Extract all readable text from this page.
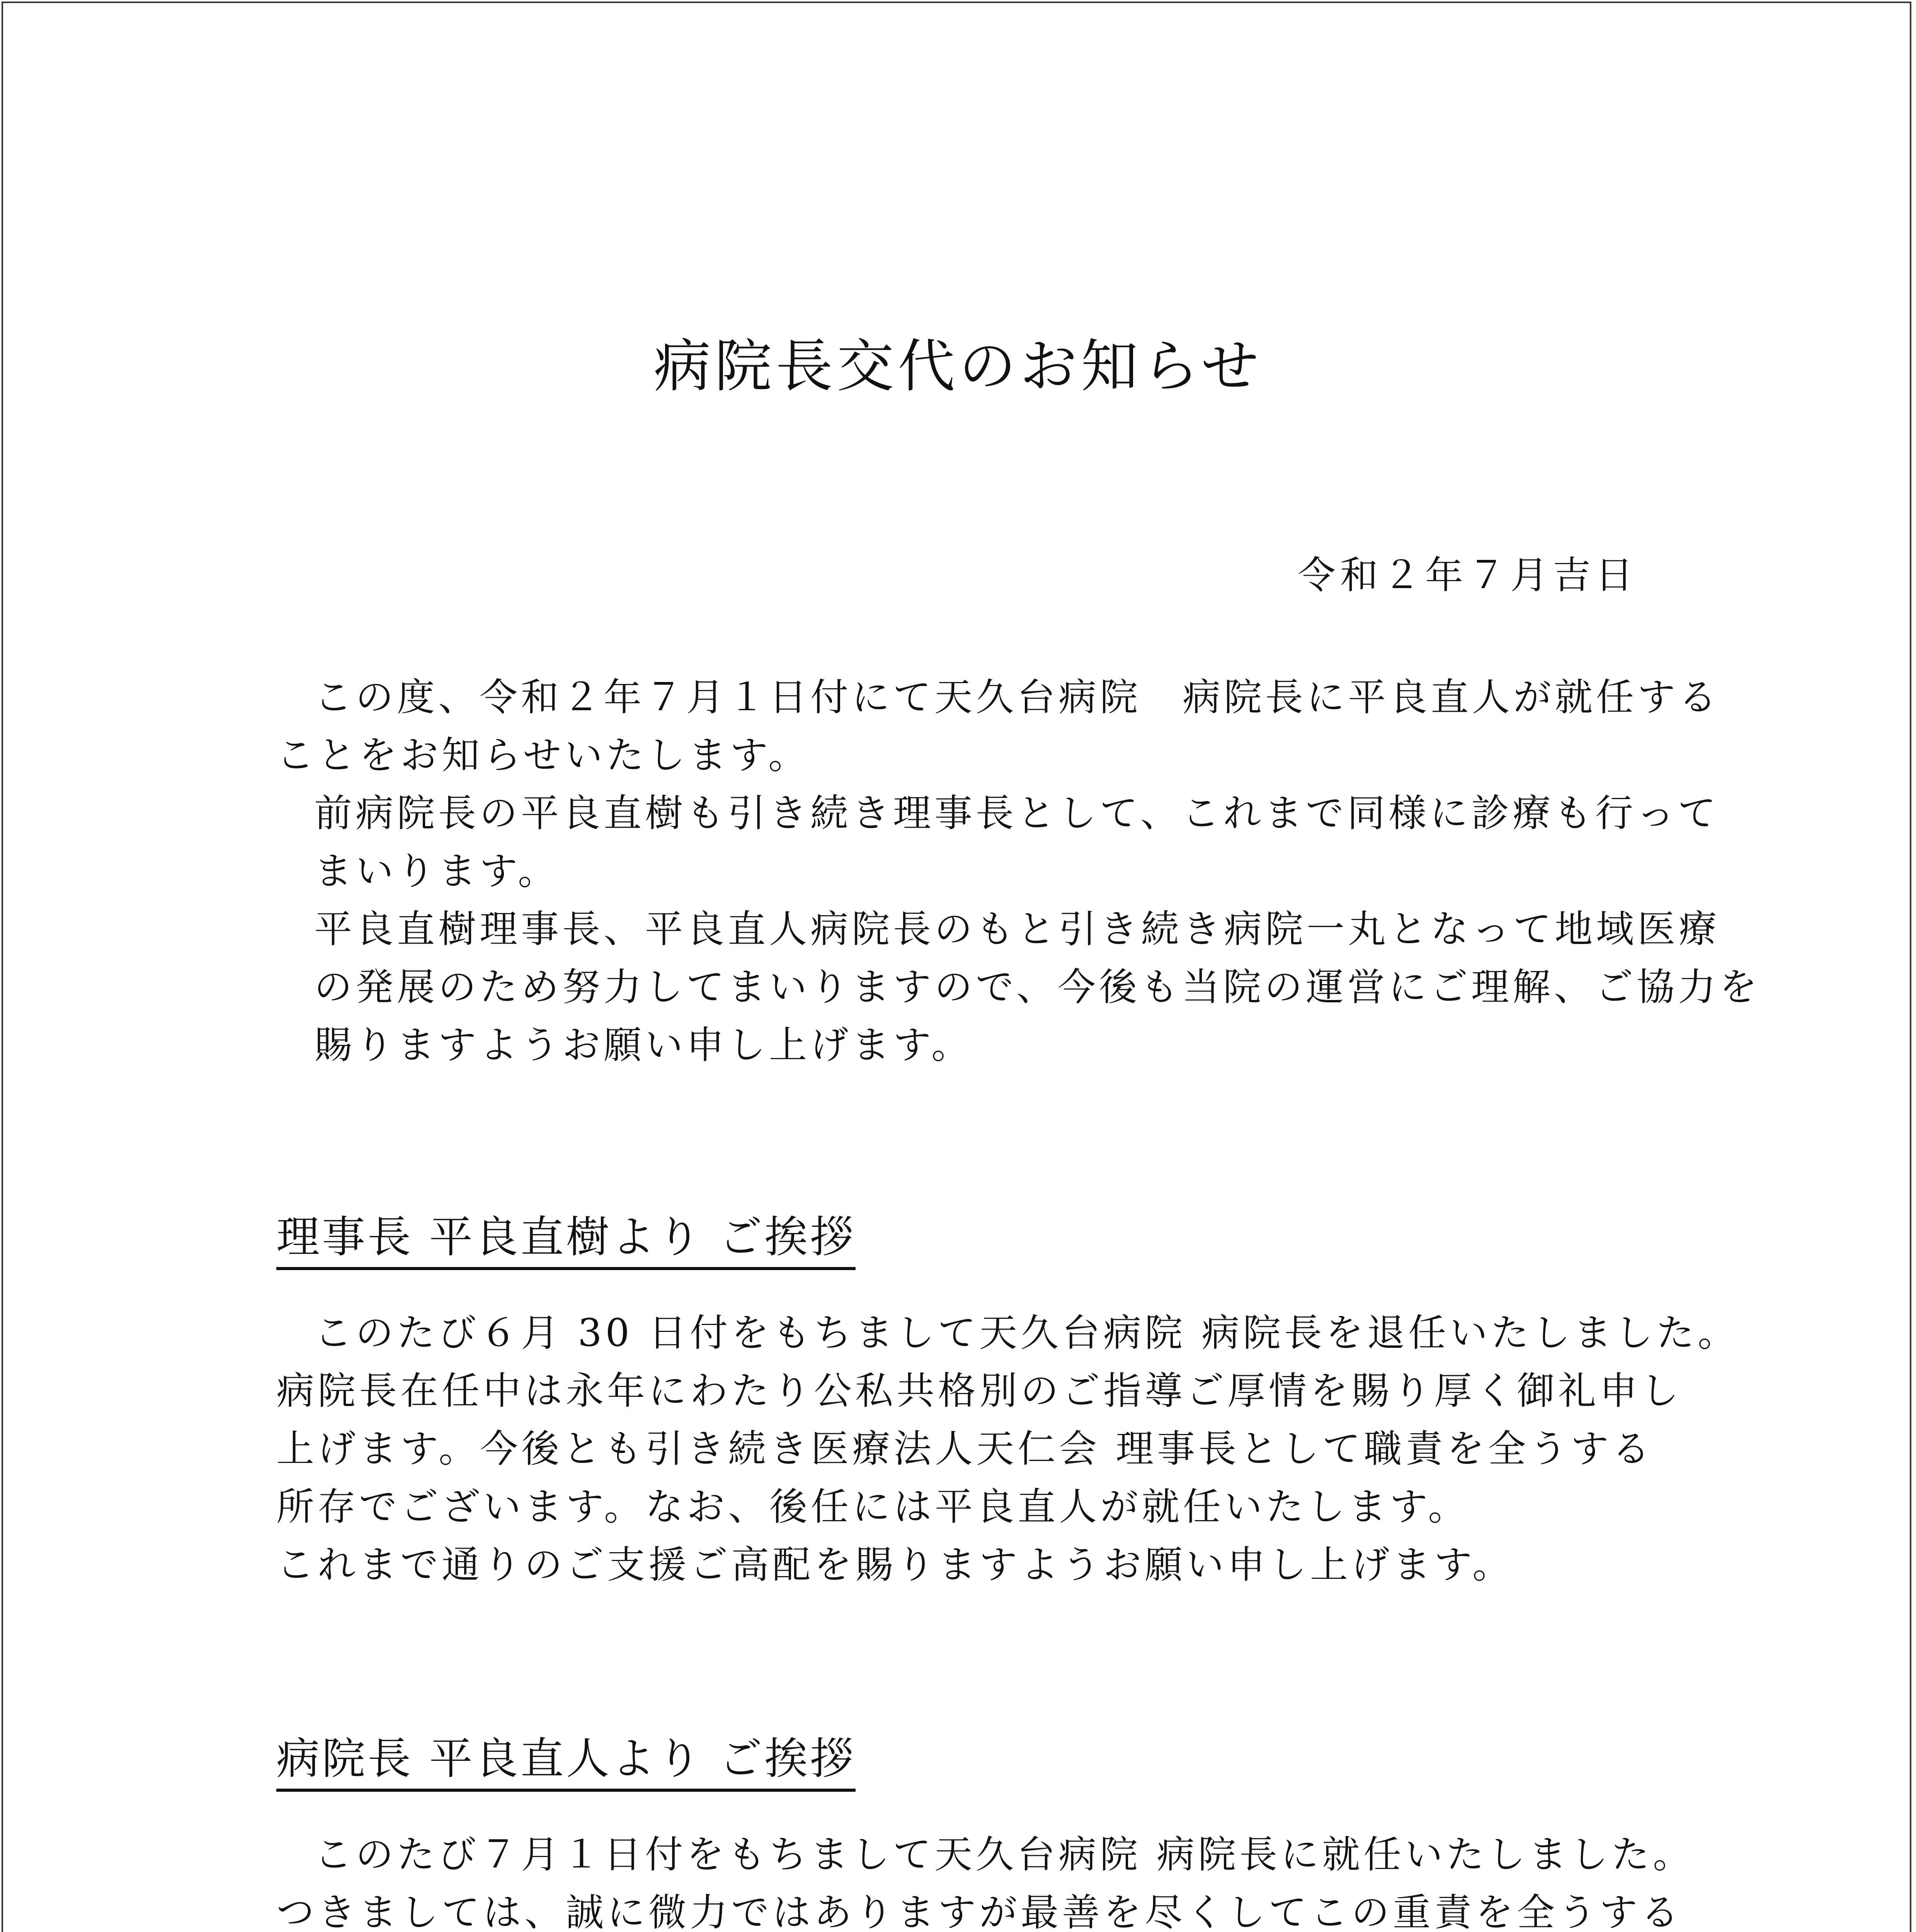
病院長交代のお知らせ
令和２年７月吉日

この度、令和２年７月１日付にて天久台病院　病院長に平良直人が就任する
ことをお知らせいたします。

前病院長の平良直樹も引き続き理事長として、これまで同様に診療も行って
まいります。

平良直樹理事長、平良直人病院長のもと引き続き病院一丸となって地域医療
の発展のため努力してまいりますので、今後も当院の運営にご理解、ご協力を
賜りますようお願い申し上げます。

理事長 平良直樹より ご挨拶
このたび６月 30 日付をもちまして天久台病院 病院長を退任いたしました。
病院長在任中は永年にわたり公私共格別のご指導ご厚情を賜り厚く御礼申し
上げます。今後とも引き続き医療法人天仁会 理事長として職責を全うする
所存でございます。なお、後任には平良直人が就任いたします。
これまで通りのご支援ご高配を賜りますようお願い申し上げます。
病院長 平良直人より ご挨拶
このたび７月１日付をもちまして天久台病院 病院長に就任いたしました。
つきましては、誠に微力ではありますが最善を尽くしてこの重責を全うする
